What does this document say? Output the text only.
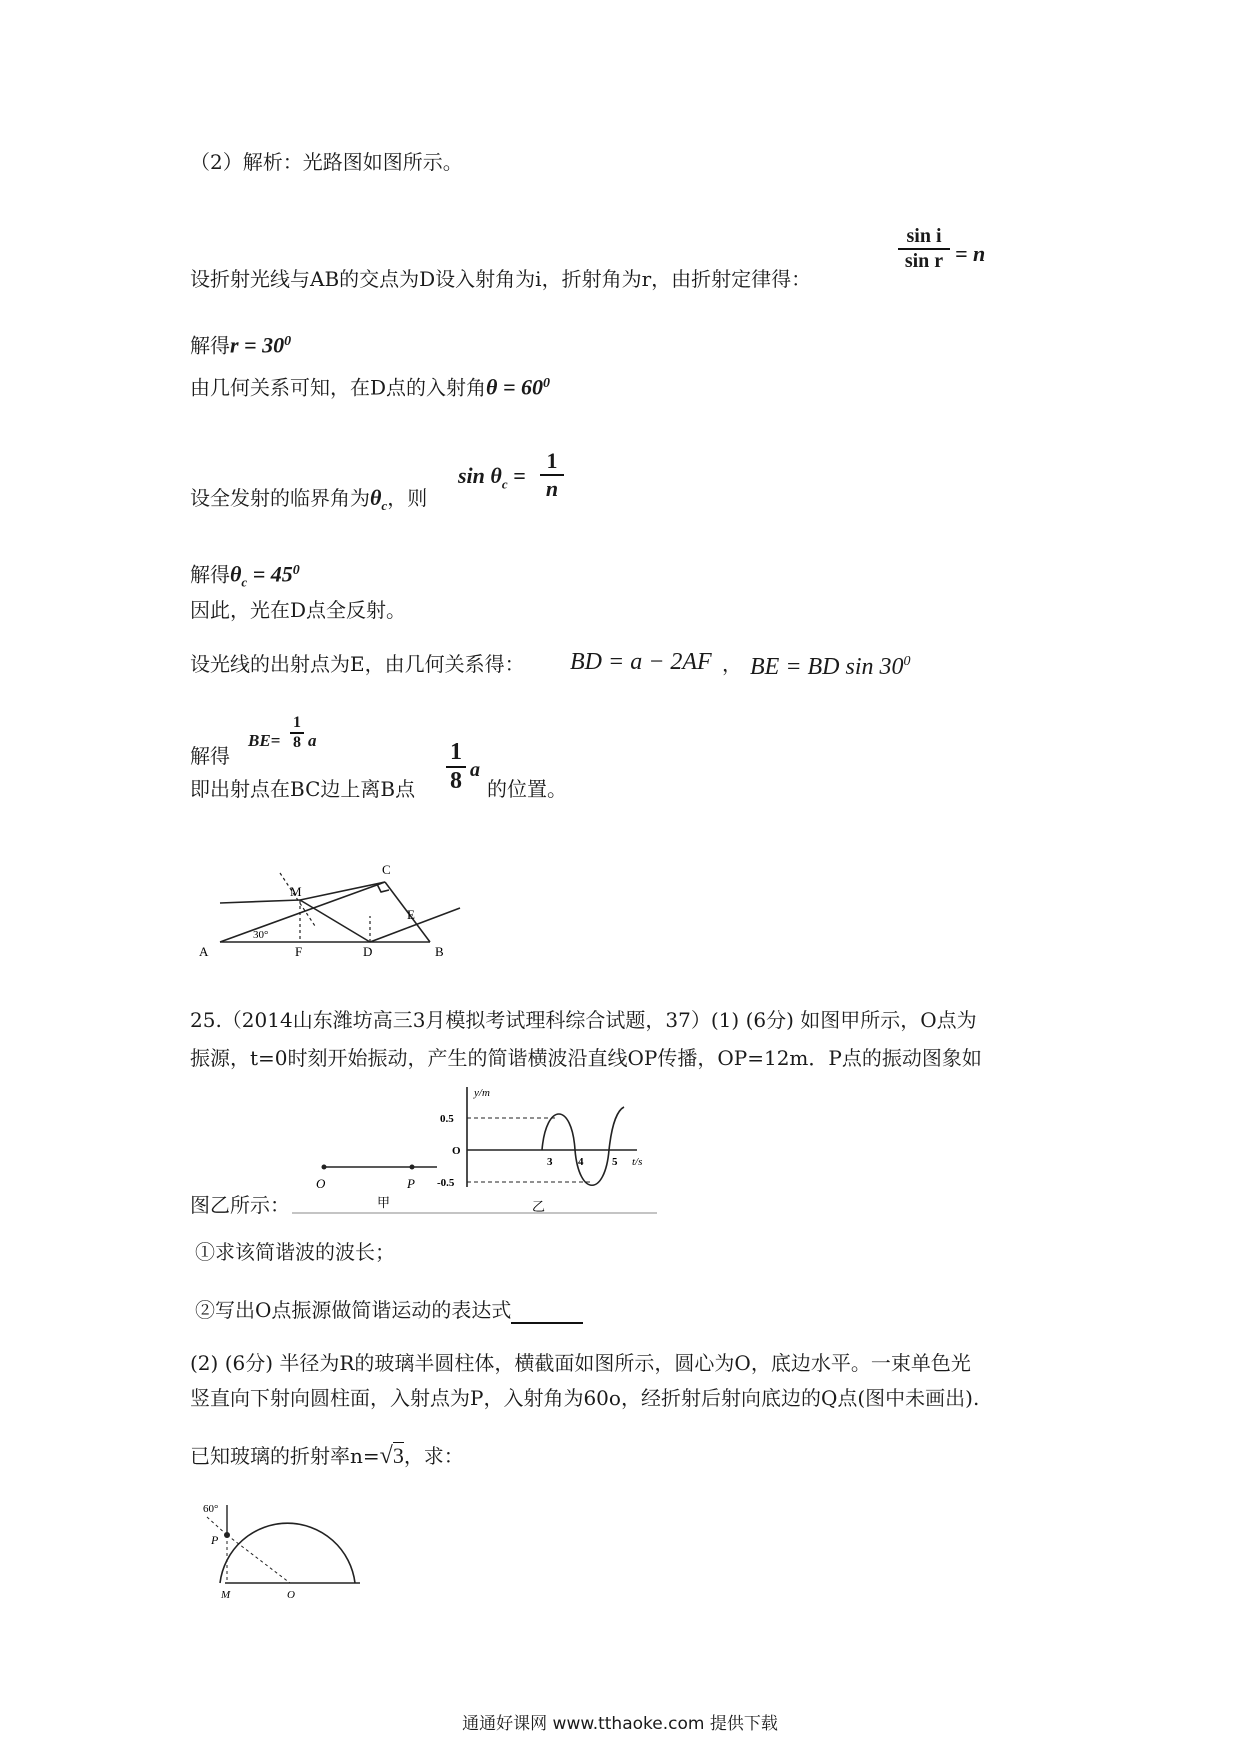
（2）解析：光路图如图所示。
设折射光线与AB的交点为D设入射角为i，折射角为r，由折射定律得：
$\frac{\text{sin i}}{\text{sin r}} = n$
解得$r = 30^0$
由几何关系可知，在D点的入射角$\theta = 60^0$
设全发射的临界角为$\theta_c$，则
$\sin \theta_c = \frac{1}{n}$
解得$\theta_c = 45^0$
因此，光在D点全反射。
设光线的出射点为E，由几何关系得： BD = a − 2AF ， BE = BD $\sin 30^0$
解得
$BE= \frac{1}{8}$ a
即出射点在BC边上离B点 $\frac{1}{8}$ a
的位置。
A	B
C
D
E
F
M
30°
25.（2014山东潍坊高三3月模拟考试理科综合试题，37）(1) (6分) 如图甲所示，O点为
振源，t=0时刻开始振动，产生的简谐横波沿直线OP传播，OP=12m．P点的振动图象如
图乙所示：
O	P
甲	乙
y/m
0.5
O
-0.5
3 4	5 t/s
①求该简谐波的波长；
②写出O点振源做简谐运动的表达式
(2) (6分) 半径为R的玻璃半圆柱体，横截面如图所示，圆心为O，底边水平。一束单色光
竖直向下射向圆柱面，入射点为P，入射角为60o，经折射后射向底边的Q点(图中未画出).
已知玻璃的折射率n=√3，求：
60°
P
M	O
通通好课网 www.tthaoke.com 提供下载
